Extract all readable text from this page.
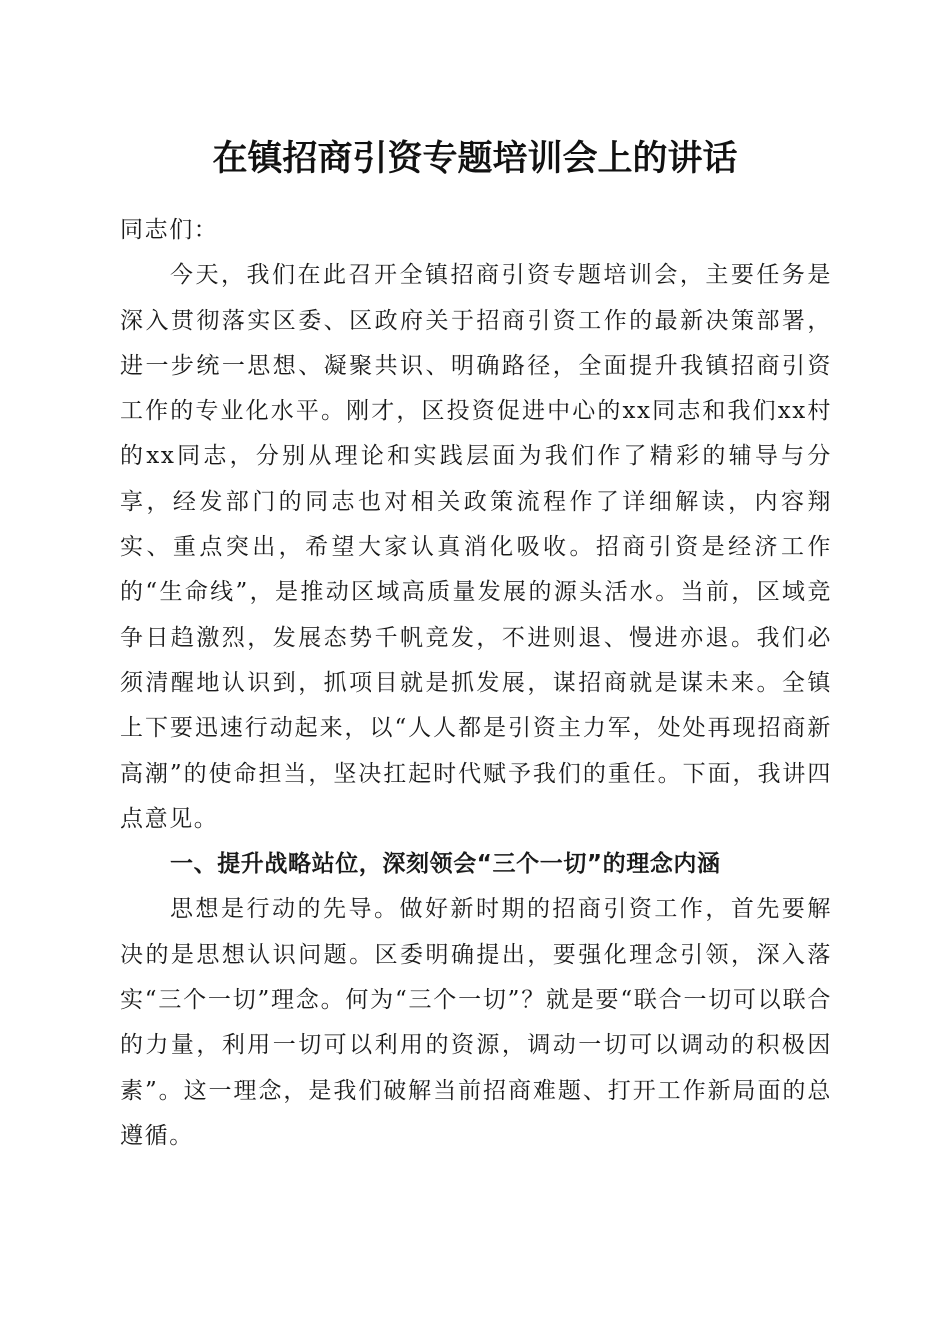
在镇招商引资专题培训会上的讲话

同志们：

今天，我们在此召开全镇招商引资专题培训会，主要任务是深入贯彻落实区委、区政府关于招商引资工作的最新决策部署，进一步统一思想、凝聚共识、明确路径，全面提升我镇招商引资工作的专业化水平。刚才，区投资促进中心的xx同志和我们xx村的xx同志，分别从理论和实践层面为我们作了精彩的辅导与分享，经发部门的同志也对相关政策流程作了详细解读，内容翔实、重点突出，希望大家认真消化吸收。招商引资是经济工作的“生命线”，是推动区域高质量发展的源头活水。当前，区域竞争日趋激烈，发展态势千帆竞发，不进则退、慢进亦退。我们必须清醒地认识到，抓项目就是抓发展，谋招商就是谋未来。全镇上下要迅速行动起来，以“人人都是引资主力军，处处再现招商新高潮”的使命担当，坚决扛起时代赋予我们的重任。下面，我讲四点意见。

一、提升战略站位，深刻领会“三个一切”的理念内涵

思想是行动的先导。做好新时期的招商引资工作，首先要解决的是思想认识问题。区委明确提出，要强化理念引领，深入落实“三个一切”理念。何为“三个一切”？就是要“联合一切可以联合的力量，利用一切可以利用的资源，调动一切可以调动的积极因素”。这一理念，是我们破解当前招商难题、打开工作新局面的总遵循。
